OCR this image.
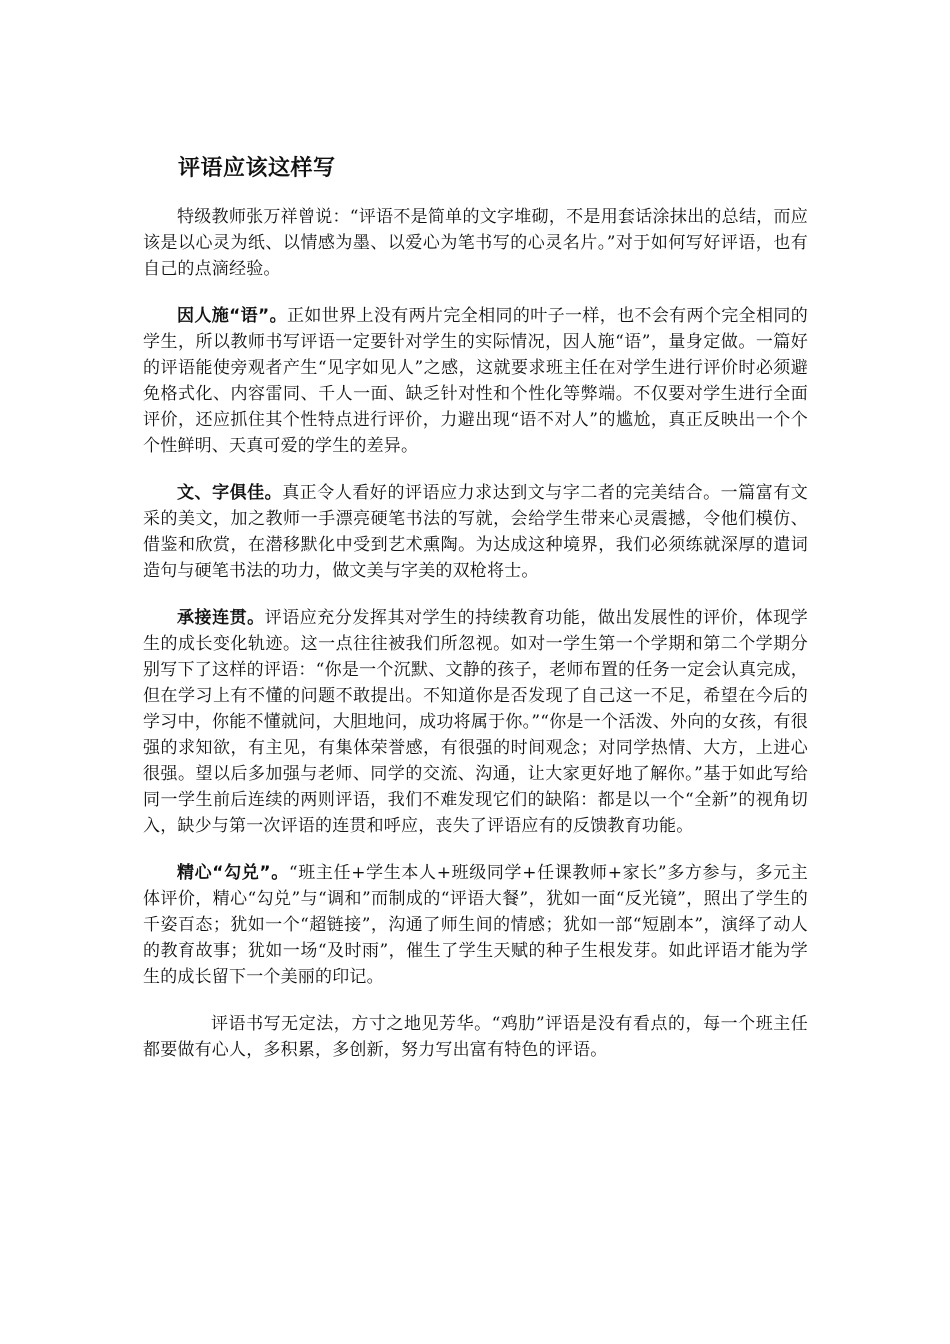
评语应该这样写

特级教师张万祥曾说：“评语不是简单的文字堆砌，不是用套话涂抹出的总结，而应该是以心灵为纸、以情感为墨、以爱心为笔书写的心灵名片。”对于如何写好评语，也有自己的点滴经验。

因人施“语”。正如世界上没有两片完全相同的叶子一样，也不会有两个完全相同的学生，所以教师书写评语一定要针对学生的实际情况，因人施“语”，量身定做。一篇好的评语能使旁观者产生“见字如见人”之感，这就要求班主任在对学生进行评价时必须避免格式化、内容雷同、千人一面、缺乏针对性和个性化等弊端。不仅要对学生进行全面评价，还应抓住其个性特点进行评价，力避出现“语不对人”的尴尬，真正反映出一个个个性鲜明、天真可爱的学生的差异。

文、字俱佳。真正令人看好的评语应力求达到文与字二者的完美结合。一篇富有文采的美文，加之教师一手漂亮硬笔书法的写就，会给学生带来心灵震撼，令他们模仿、借鉴和欣赏，在潜移默化中受到艺术熏陶。为达成这种境界，我们必须练就深厚的遣词造句与硬笔书法的功力，做文美与字美的双枪将士。

承接连贯。评语应充分发挥其对学生的持续教育功能，做出发展性的评价，体现学生的成长变化轨迹。这一点往往被我们所忽视。如对一学生第一个学期和第二个学期分别写下了这样的评语：“你是一个沉默、文静的孩子，老师布置的任务一定会认真完成，但在学习上有不懂的问题不敢提出。不知道你是否发现了自己这一不足，希望在今后的学习中，你能不懂就问，大胆地问，成功将属于你。”“你是一个活泼、外向的女孩，有很强的求知欲，有主见，有集体荣誉感，有很强的时间观念；对同学热情、大方，上进心很强。望以后多加强与老师、同学的交流、沟通，让大家更好地了解你。”基于如此写给同一学生前后连续的两则评语，我们不难发现它们的缺陷：都是以一个“全新”的视角切入，缺少与第一次评语的连贯和呼应，丧失了评语应有的反馈教育功能。

精心“勾兑”。“班主任+学生本人+班级同学+任课教师+家长”多方参与，多元主体评价，精心“勾兑”与“调和”而制成的“评语大餐”，犹如一面“反光镜”，照出了学生的千姿百态；犹如一个“超链接”，沟通了师生间的情感；犹如一部“短剧本”，演绎了动人的教育故事；犹如一场“及时雨”，催生了学生天赋的种子生根发芽。如此评语才能为学生的成长留下一个美丽的印记。

评语书写无定法，方寸之地见芳华。“鸡肋”评语是没有看点的，每一个班主任都要做有心人，多积累，多创新，努力写出富有特色的评语。
